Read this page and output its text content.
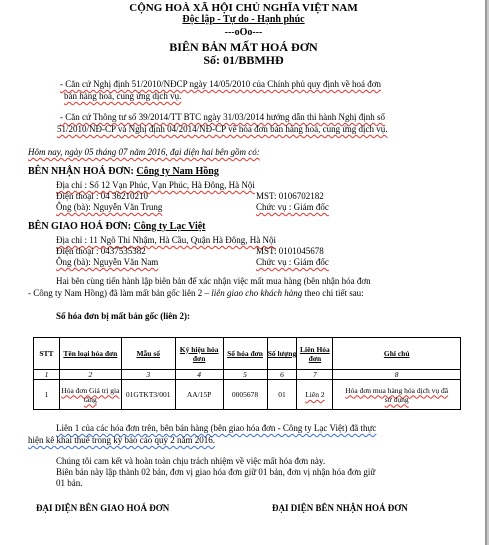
CỘNG HOÀ XÃ HỘI CHỦ NGHĨA VIỆT NAM
Độc lập - Tự do - Hạnh phúc
---oOo---
BIÊN BẢN MẤT HOÁ ĐƠN
Số: 01/BBMHĐ
- Căn cứ Nghị định 51/2010/NĐCP ngày 14/05/2010 của Chính phủ quy định về hoá đơn
bán hàng hoá, cung ứng dịch vụ.
- Căn cứ Thông tư số 39/2014/TT BTC ngày 31/03/2014 hướng dẫn thi hành Nghị định số
51/2010/NĐ-CP và Nghị định 04/2014/NĐ-CP về hóa đơn bán hàng hoá, cung ứng dịch vụ.
Hôm nay, ngày 05 tháng 07 năm 2016, đại diện hai bên gồm có:
BÊN NHẬN HOÁ ĐƠN: Công ty Nam Hồng
Địa chỉ : Số 12 Vạn Phúc, Vạn Phúc, Hà Đông, Hà Nội
Điện thoại : 04 36210210	MST: 0106702182
Ông (bà): Nguyễn Văn Trung	Chức vụ : Giám đốc
BÊN GIAO HOÁ ĐƠN: Công ty Lạc Việt
Địa chỉ : 11 Ngõ Thi Nhậm, Hà Cầu, Quận Hà Đông, Hà Nội
Điện thoại : 0437535382	MST: 0101045678
Ông (bà): Nguyễn Văn Nam	Chức vụ : Giám đốc
Hai bên cùng tiến hành lập biên bản để xác nhận việc mất mua hàng (bên nhận hóa đơn
- Công ty Nam Hồng) đã làm mất bản gốc liên 2 – liên giao cho khách hàng theo chi tiết sau:
Số hóa đơn bị mất bản gốc (liên 2):
STT	Tên loại hóa đơn	Mẫu số	Ký hiệu hóa đơn	Số hóa đơn	Số lượng	Liên Hóa đơn	Ghi chú
1	2	3	4	5	6	7	8
1	Hóa đơn Giá trị gia tăng	01GTKT3/001	AA/15P	0005678	01	Liên 2	Hóa đơn mua hàng hóa dịch vụ đã sử dụng
Liên 1 của các hóa đơn trên, bên bán hàng (bên giao hóa đơn - Công ty Lạc Việt) đã thực
hiện kê khai thuế trong kỳ báo cáo quý 2 năm 2016.
Chúng tôi cam kết và hoàn toàn chịu trách nhiệm về việc mất hóa đơn này.
Biên bản này lập thành 02 bản, đơn vị giao hóa đơn giữ 01 bản, đơn vị nhận hóa đơn giữ
01 bản.
ĐẠI DIỆN BÊN GIAO HOÁ ĐƠN	ĐẠI DIỆN BÊN NHẬN HOÁ ĐƠN
